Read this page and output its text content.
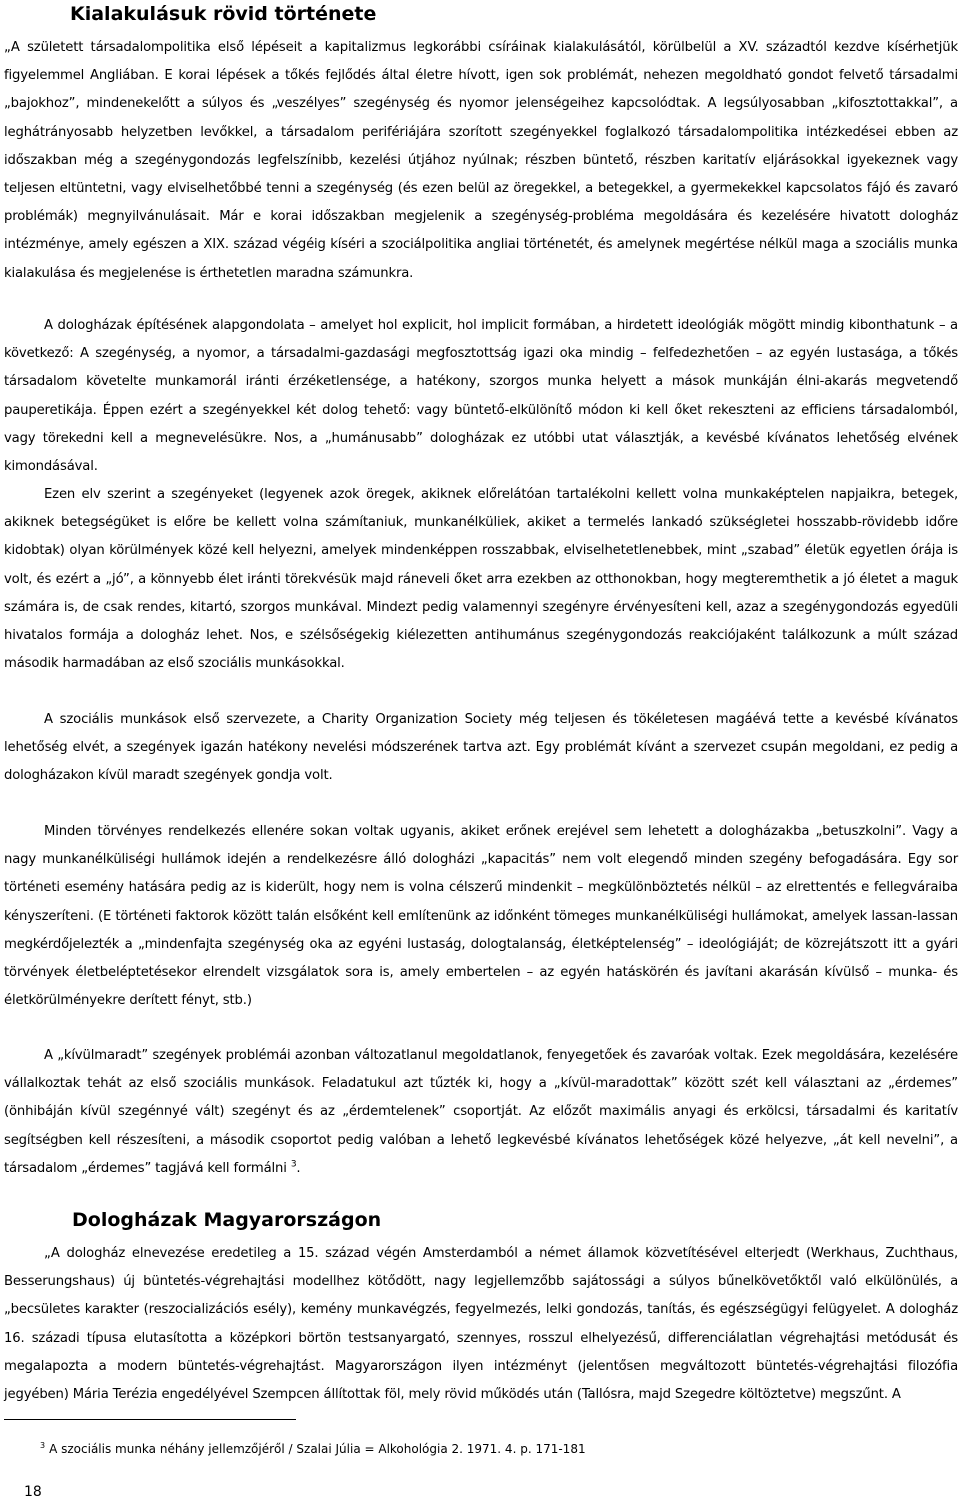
Kialakulásuk rövid története

„A született társadalompolitika első lépéseit a kapitalizmus legkorábbi csíráinak kialakulásától, körülbelül a XV. századtól kezdve kísérhetjük figyelemmel Angliában. E korai lépések a tőkés fejlődés által életre hívott, igen sok problémát, nehezen megoldható gondot felvető társadalmi „bajokhoz”, mindenekelőtt a súlyos és „veszélyes” szegénység és nyomor jelenségeihez kapcsolódtak. A legsúlyosabban „kifosztottakkal”, a leghátrányosabb helyzetben levőkkel, a társadalom perifériájára szorított szegényekkel foglalkozó társadalompolitika intézkedései ebben az időszakban még a szegénygondozás legfelszínibb, kezelési útjához nyúlnak; részben büntető, részben karitatív eljárásokkal igyekeznek vagy teljesen eltüntetni, vagy elviselhetőbbé tenni a szegénység (és ezen belül az öregekkel, a betegekkel, a gyermekekkel kapcsolatos fájó és zavaró problémák) megnyilvánulásait. Már e korai időszakban megjelenik a szegénység-probléma megoldására és kezelésére hivatott dologház intézménye, amely egészen a XIX. század végéig kíséri a szociálpolitika angliai történetét, és amelynek megértése nélkül maga a szociális munka kialakulása és megjelenése is érthetetlen maradna számunkra.

A dologházak építésének alapgondolata – amelyet hol explicit, hol implicit formában, a hirdetett ideológiák mögött mindig kibonthatunk – a következő: A szegénység, a nyomor, a társadalmi-gazdasági megfosztottság igazi oka mindig – felfedezhetően – az egyén lustasága, a tőkés társadalom követelte munkamorál iránti érzéketlensége, a hatékony, szorgos munka helyett a mások munkáján élni-akarás megvetendő pauperetikája. Éppen ezért a szegényekkel két dolog tehető: vagy büntető-elkülönítő módon ki kell őket rekeszteni az efficiens társadalomból, vagy törekedni kell a megnevelésükre. Nos, a „humánusabb” dologházak ez utóbbi utat választják, a kevésbé kívánatos lehetőség elvének kimondásával.

Ezen elv szerint a szegényeket (legyenek azok öregek, akiknek előrelátóan tartalékolni kellett volna munkaképtelen napjaikra, betegek, akiknek betegségüket is előre be kellett volna számítaniuk, munkanélküliek, akiket a termelés lankadó szükségletei hosszabb-rövidebb időre kidobtak) olyan körülmények közé kell helyezni, amelyek mindenképpen rosszabbak, elviselhetetlenebbek, mint „szabad” életük egyetlen órája is volt, és ezért a „jó”, a könnyebb élet iránti törekvésük majd ráneveli őket arra ezekben az otthonokban, hogy megteremthetik a jó életet a maguk számára is, de csak rendes, kitartó, szorgos munkával. Mindezt pedig valamennyi szegényre érvényesíteni kell, azaz a szegénygondozás egyedüli hivatalos formája a dologház lehet. Nos, e szélsőségekig kiélezetten antihumánus szegénygondozás reakciójaként találkozunk a múlt század második harmadában az első szociális munkásokkal.

A szociális munkások első szervezete, a Charity Organization Society még teljesen és tökéletesen magáévá tette a kevésbé kívánatos lehetőség elvét, a szegények igazán hatékony nevelési módszerének tartva azt. Egy problémát kívánt a szervezet csupán megoldani, ez pedig a dologházakon kívül maradt szegények gondja volt.

Minden törvényes rendelkezés ellenére sokan voltak ugyanis, akiket erőnek erejével sem lehetett a dologházakba „betuszkolni”. Vagy a nagy munkanélküliségi hullámok idején a rendelkezésre álló dologházi „kapacitás” nem volt elegendő minden szegény befogadására. Egy sor történeti esemény hatására pedig az is kiderült, hogy nem is volna célszerű mindenkit – megkülönböztetés nélkül – az elrettentés e fellegváraiba kényszeríteni. (E történeti faktorok között talán elsőként kell említenünk az időnként tömeges munkanélküliségi hullámokat, amelyek lassan-lassan megkérdőjelezték a „mindenfajta szegénység oka az egyéni lustaság, dologtalanság, életképtelenség” – ideológiáját; de közrejátszott itt a gyári törvények életbeléptetésekor elrendelt vizsgálatok sora is, amely embertelen – az egyén hatáskörén és javítani akarásán kívülső – munka- és életkörülményekre derített fényt, stb.)

A „kívülmaradt” szegények problémái azonban változatlanul megoldatlanok, fenyegetőek és zavaróak voltak. Ezek megoldására, kezelésére vállalkoztak tehát az első szociális munkások. Feladatukul azt tűzték ki, hogy a „kívül-maradottak” között szét kell választani az „érdemes” (önhibáján kívül szegénnyé vált) szegényt és az „érdemtelenek” csoportját. Az előzőt maximális anyagi és erkölcsi, társadalmi és karitatív segítségben kell részesíteni, a második csoportot pedig valóban a lehető legkevésbé kívánatos lehetőségek közé helyezve, „át kell nevelni”, a társadalom „érdemes” tagjává kell formálni $^3$.

Dologházak Magyarországon

„A dologház elnevezése eredetileg a 15. század végén Amsterdamból a német államok közvetítésével elterjedt (Werkhaus, Zuchthaus, Besserungshaus) új büntetés-végrehajtási modellhez kötődött, nagy legjellemzőbb sajátossági a súlyos bűnelkövetőktől való elkülönülés, a „becsületes karakter (reszocializációs esély), kemény munkavégzés, fegyelmezés, lelki gondozás, tanítás, és egészségügyi felügyelet. A dologház 16. századi típusa elutasította a középkori börtön testsanyargató, szennyes, rosszul elhelyezésű, differenciálatlan végrehajtási metódusát és megalapozta a modern büntetés-végrehajtást. Magyarországon ilyen intézményt (jelentősen megváltozott büntetés-végrehajtási filozófia jegyében) Mária Terézia engedélyével Szempcen állítottak föl, mely rövid működés után (Tallósra, majd Szegedre költöztetve) megszűnt. A

$^3$ A szociális munka néhány jellemzőjéről / Szalai Júlia = Alkohológia 2. 1971. 4. p. 171-181

18
